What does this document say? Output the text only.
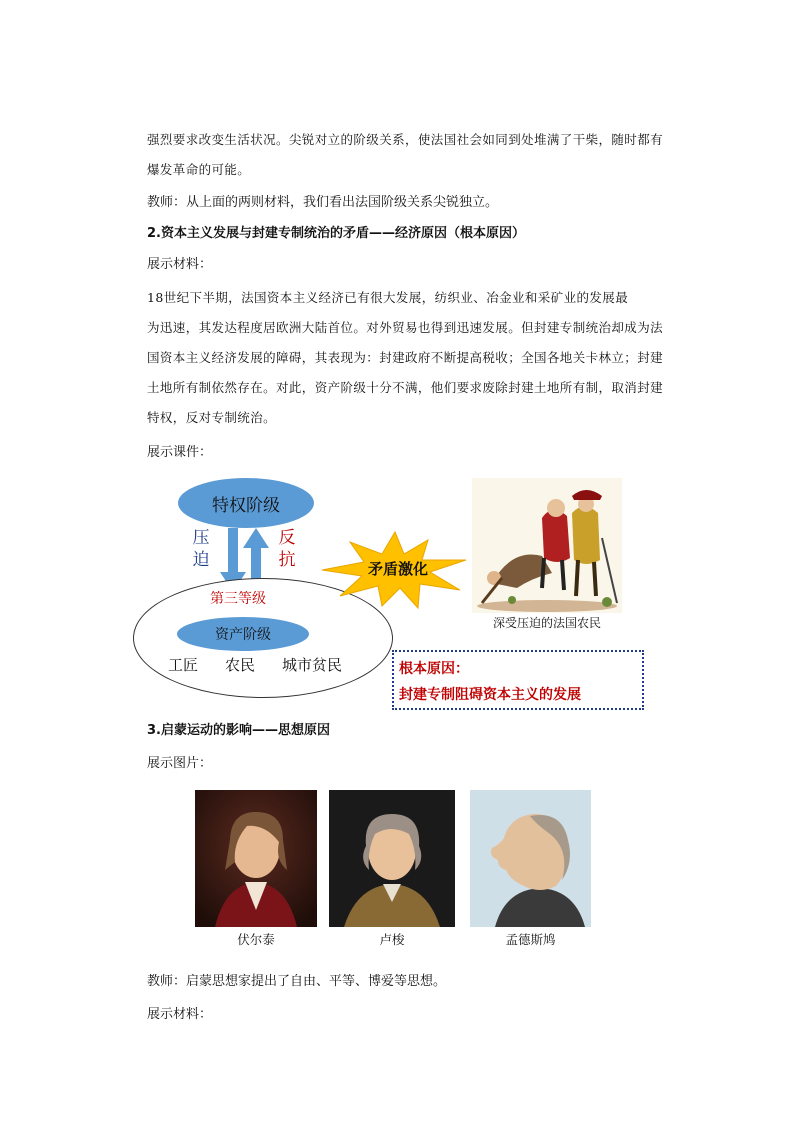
强烈要求改变生活状况。尖锐对立的阶级关系，使法国社会如同到处堆满了干柴，随时都有

爆发革命的可能。

教师：从上面的两则材料，我们看出法国阶级关系尖锐独立。

2.资本主义发展与封建专制统治的矛盾——经济原因（根本原因）

展示材料：

18世纪下半期，法国资本主义经济已有很大发展，纺织业、冶金业和采矿业的发展最

为迅速，其发达程度居欧洲大陆首位。对外贸易也得到迅速发展。但封建专制统治却成为法

国资本主义经济发展的障碍，其表现为：封建政府不断提高税收；全国各地关卡林立；封建

土地所有制依然存在。对此，资产阶级十分不满，他们要求废除封建土地所有制，取消封建

特权，反对专制统治。

展示课件：

特权阶级
压
迫
反
抗
第三等级
资产阶级
工匠 农民 城市贫民
矛盾激化
深受压迫的法国农民
根本原因：
封建专制阻碍资本主义的发展

3.启蒙运动的影响——思想原因

展示图片：

伏尔泰	卢梭	孟德斯鸠

教师：启蒙思想家提出了自由、平等、博爱等思想。

展示材料：
